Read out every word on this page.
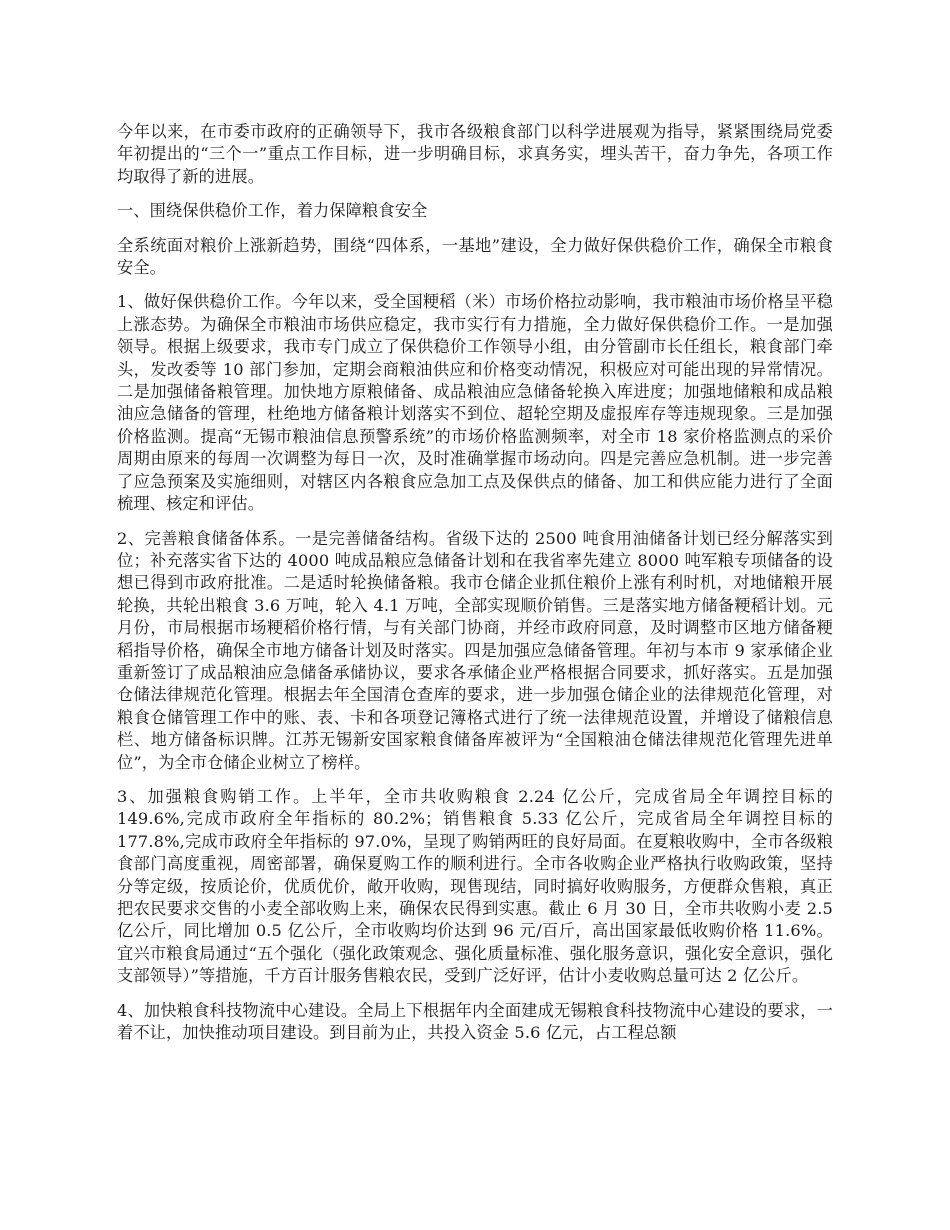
今年以来，在市委市政府的正确领导下，我市各级粮食部门以科学进展观为指导，紧紧围绕局党委年初提出的“三个一”重点工作目标，进一步明确目标，求真务实，埋头苦干，奋力争先，各项工作均取得了新的进展。

一、围绕保供稳价工作，着力保障粮食安全

全系统面对粮价上涨新趋势，围绕“四体系，一基地”建设，全力做好保供稳价工作，确保全市粮食安全。

1、做好保供稳价工作。今年以来，受全国粳稻（米）市场价格拉动影响，我市粮油市场价格呈平稳上涨态势。为确保全市粮油市场供应稳定，我市实行有力措施，全力做好保供稳价工作。一是加强领导。根据上级要求，我市专门成立了保供稳价工作领导小组，由分管副市长任组长，粮食部门牵头，发改委等 10 部门参加，定期会商粮油供应和价格变动情况，积极应对可能出现的异常情况。二是加强储备粮管理。加快地方原粮储备、成品粮油应急储备轮换入库进度；加强地储粮和成品粮油应急储备的管理，杜绝地方储备粮计划落实不到位、超轮空期及虚报库存等违规现象。三是加强价格监测。提高“无锡市粮油信息预警系统”的市场价格监测频率，对全市 18 家价格监测点的采价周期由原来的每周一次调整为每日一次，及时准确掌握市场动向。四是完善应急机制。进一步完善了应急预案及实施细则，对辖区内各粮食应急加工点及保供点的储备、加工和供应能力进行了全面梳理、核定和评估。

2、完善粮食储备体系。一是完善储备结构。省级下达的 2500 吨食用油储备计划已经分解落实到位；补充落实省下达的 4000 吨成品粮应急储备计划和在我省率先建立 8000 吨军粮专项储备的设想已得到市政府批准。二是适时轮换储备粮。我市仓储企业抓住粮价上涨有利时机，对地储粮开展轮换，共轮出粮食 3.6 万吨，轮入 4.1 万吨，全部实现顺价销售。三是落实地方储备粳稻计划。元月份，市局根据市场粳稻价格行情，与有关部门协商，并经市政府同意，及时调整市区地方储备粳稻指导价格，确保全市地方储备计划及时落实。四是加强应急储备管理。年初与本市 9 家承储企业重新签订了成品粮油应急储备承储协议，要求各承储企业严格根据合同要求，抓好落实。五是加强仓储法律规范化管理。根据去年全国清仓查库的要求，进一步加强仓储企业的法律规范化管理，对粮食仓储管理工作中的账、表、卡和各项登记簿格式进行了统一法律规范设置，并增设了储粮信息栏、地方储备标识牌。江苏无锡新安国家粮食储备库被评为“全国粮油仓储法律规范化管理先进单位”，为全市仓储企业树立了榜样。

3、加强粮食购销工作。上半年，全市共收购粮食 2.24 亿公斤，完成省局全年调控目标的 149.6%,完成市政府全年指标的 80.2%；销售粮食 5.33 亿公斤，完成省局全年调控目标的 177.8%,完成市政府全年指标的 97.0%，呈现了购销两旺的良好局面。在夏粮收购中，全市各级粮食部门高度重视，周密部署，确保夏购工作的顺利进行。全市各收购企业严格执行收购政策，坚持分等定级，按质论价，优质优价，敞开收购，现售现结，同时搞好收购服务，方便群众售粮，真正把农民要求交售的小麦全部收购上来，确保农民得到实惠。截止 6 月 30 日，全市共收购小麦 2.5 亿公斤，同比增加 0.5 亿公斤，全市收购均价达到 96 元/百斤，高出国家最低收购价格 11.6%。宜兴市粮食局通过“五个强化（强化政策观念、强化质量标准、强化服务意识，强化安全意识，强化支部领导）”等措施，千方百计服务售粮农民，受到广泛好评，估计小麦收购总量可达 2 亿公斤。

4、加快粮食科技物流中心建设。全局上下根据年内全面建成无锡粮食科技物流中心建设的要求，一着不让，加快推动项目建设。到目前为止，共投入资金 5.6 亿元，占工程总额
